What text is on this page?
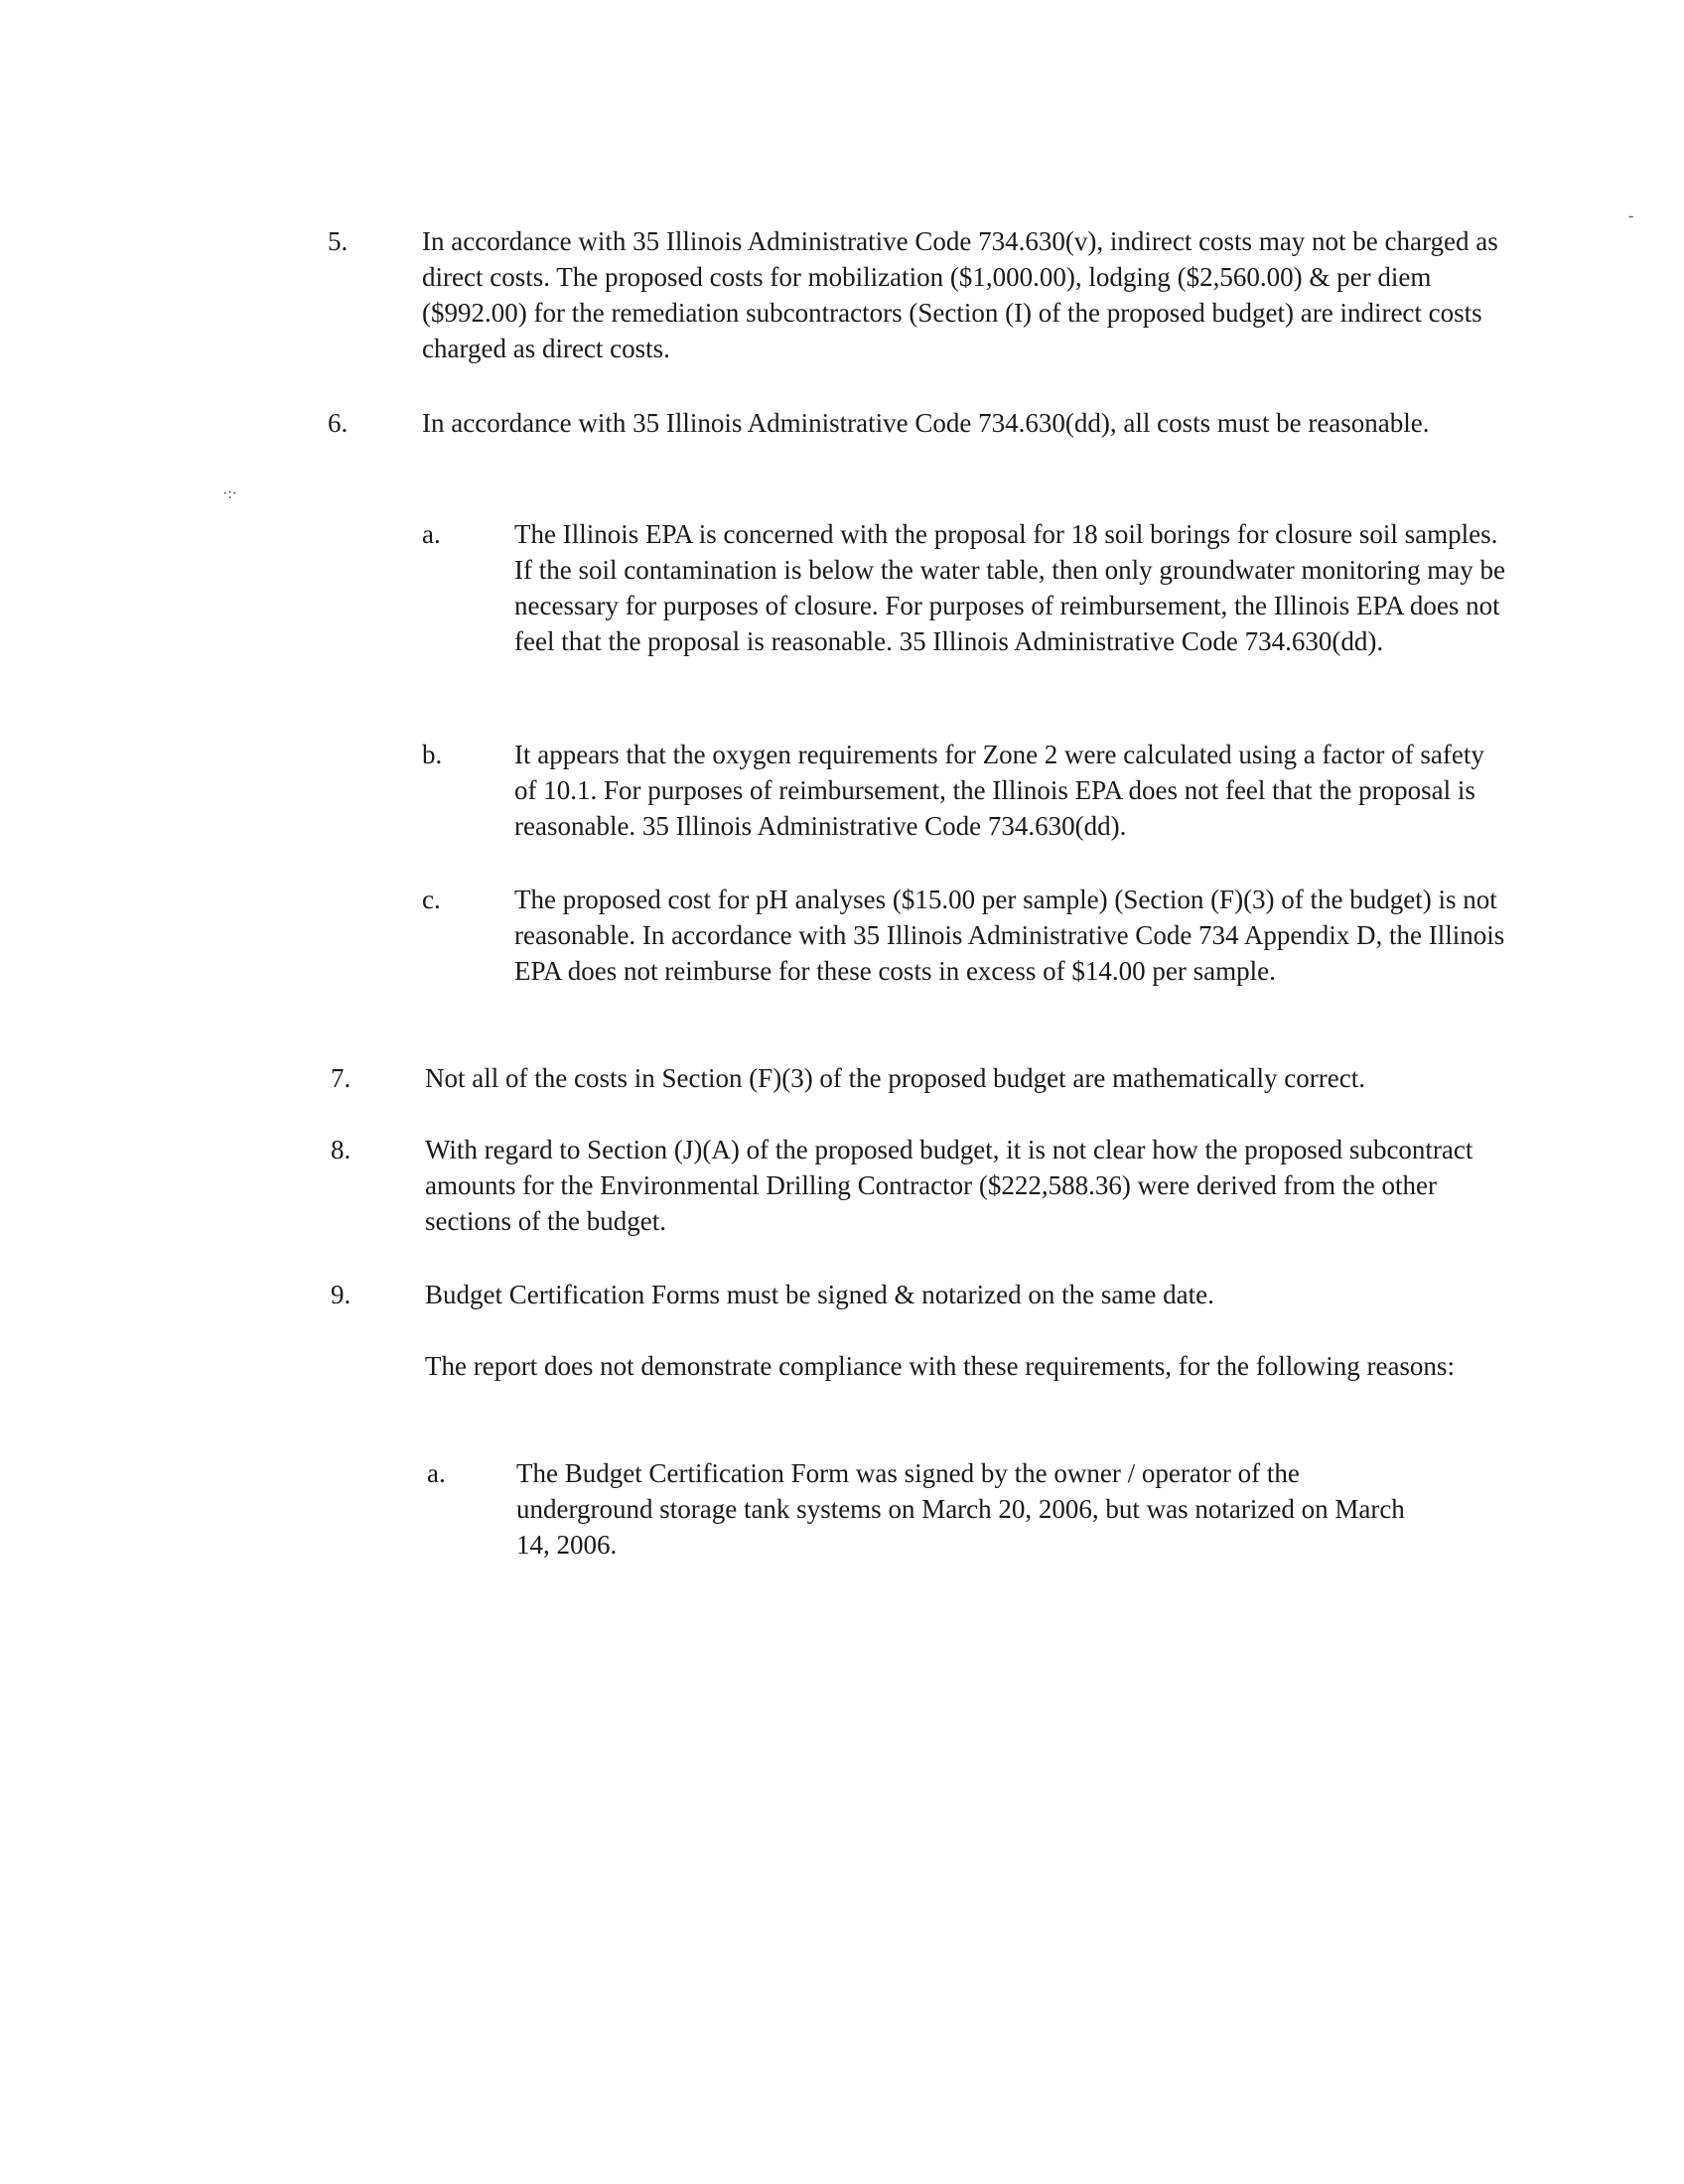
5.	In accordance with 35 Illinois Administrative Code 734.630(v), indirect costs may not be charged as direct costs. The proposed costs for mobilization ($1,000.00), lodging ($2,560.00) & per diem ($992.00) for the remediation subcontractors (Section (I) of the proposed budget) are indirect costs charged as direct costs.
6.	In accordance with 35 Illinois Administrative Code 734.630(dd), all costs must be reasonable.
a.	The Illinois EPA is concerned with the proposal for 18 soil borings for closure soil samples. If the soil contamination is below the water table, then only groundwater monitoring may be necessary for purposes of closure. For purposes of reimbursement, the Illinois EPA does not feel that the proposal is reasonable. 35 Illinois Administrative Code 734.630(dd).
b.	It appears that the oxygen requirements for Zone 2 were calculated using a factor of safety of 10.1. For purposes of reimbursement, the Illinois EPA does not feel that the proposal is reasonable. 35 Illinois Administrative Code 734.630(dd).
c.	The proposed cost for pH analyses ($15.00 per sample) (Section (F)(3) of the budget) is not reasonable. In accordance with 35 Illinois Administrative Code 734 Appendix D, the Illinois EPA does not reimburse for these costs in excess of $14.00 per sample.
7.	Not all of the costs in Section (F)(3) of the proposed budget are mathematically correct.
8.	With regard to Section (J)(A) of the proposed budget, it is not clear how the proposed subcontract amounts for the Environmental Drilling Contractor ($222,588.36) were derived from the other sections of the budget.
9.	Budget Certification Forms must be signed & notarized on the same date.
The report does not demonstrate compliance with these requirements, for the following reasons:
a.	The Budget Certification Form was signed by the owner / operator of the underground storage tank systems on March 20, 2006, but was notarized on March 14, 2006.
·:·
-
